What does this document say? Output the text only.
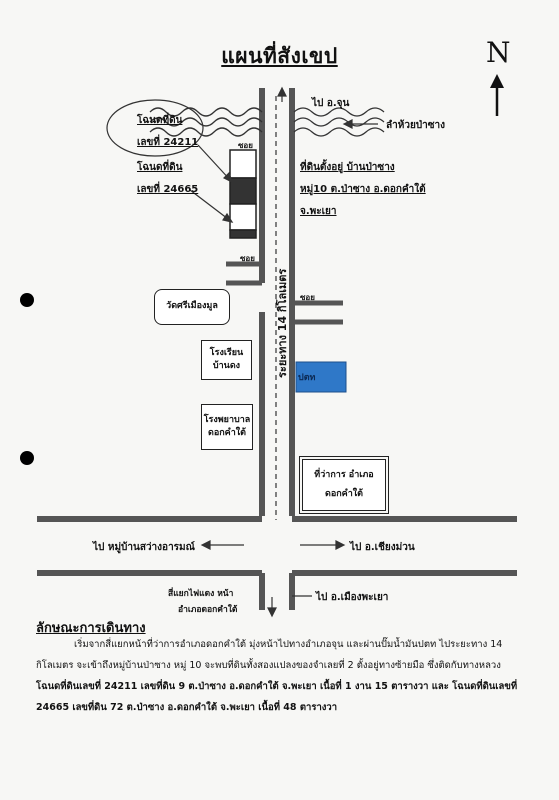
แผนที่สังเขป	N
ระยะทาง 14 กิโลเมตร
ไป อ.จุน
ลำห้วยป่าซาง
โฉนดที่ดิน
เลขที่ 24211
โฉนดที่ดิน
เลขที่ 24665
ซอย
ซอย
ซอย
ที่ดินตั้งอยู่ บ้านป่าซาง
หมู่10 ต.ป่าซาง อ.ดอกคำใต้
จ.พะเยา
วัดศรีเมืองมูล
โรงเรียน
บ้านดง
ปตท
โรงพยาบาล
ดอกคำใต้
ที่ว่าการ อำเภอ
ดอกคำใต้
ไป หมู่บ้านสว่างอารมณ์	ไป อ.เชียงม่วน
สี่แยกไฟแดง หน้า
อำเภอดอกคำใต้
ไป อ.เมืองพะเยา
ลักษณะการเดินทาง
เริ่มจากสี่แยกหน้าที่ว่าการอำเภอดอกคำใต้ มุ่งหน้าไปทางอำเภอจุน และผ่านปั๊มน้ำมันปตท ไประยะทาง 14
กิโลเมตร จะเข้าถึงหมู่บ้านป่าซาง หมู่ 10 จะพบที่ดินทั้งสองแปลงของจำเลยที่ 2 ตั้งอยู่ทางซ้ายมือ ซึ่งติดกับทางหลวง
โฉนดที่ดินเลขที่ 24211 เลขที่ดิน 9 ต.ป่าซาง อ.ดอกคำใต้ จ.พะเยา เนื้อที่ 1 งาน 15 ตารางวา และ โฉนดที่ดินเลขที่
24665 เลขที่ดิน 72 ต.ป่าซาง อ.ดอกคำใต้ จ.พะเยา เนื้อที่ 48 ตารางวา
